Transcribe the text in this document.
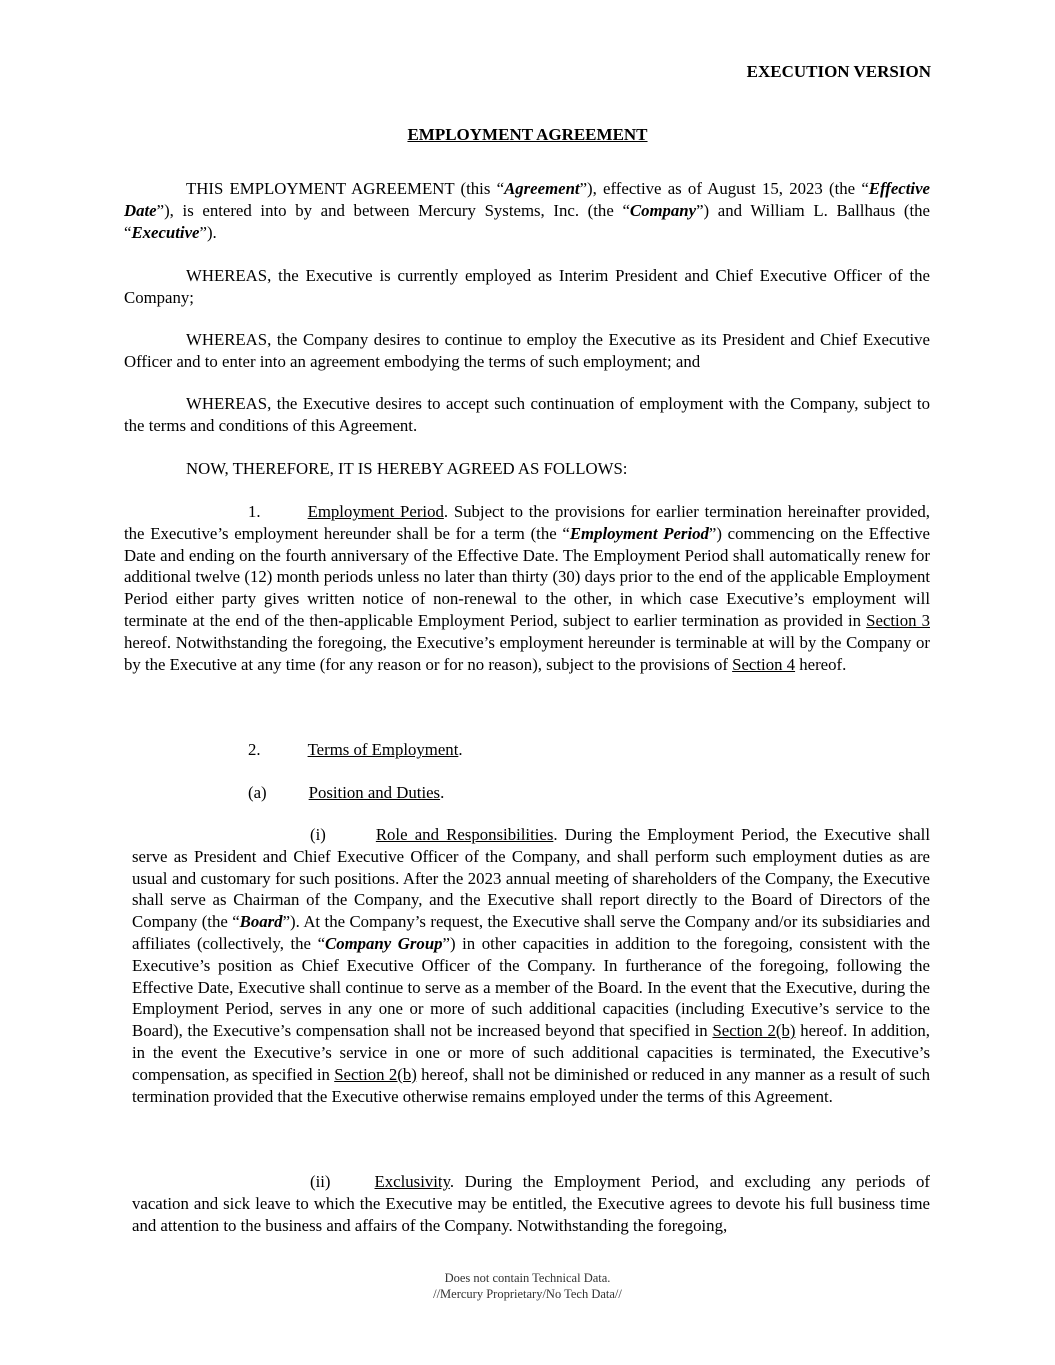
EXECUTION VERSION
EMPLOYMENT AGREEMENT

THIS EMPLOYMENT AGREEMENT (this “Agreement”), effective as of August 15, 2023 (the “Effective Date”), is entered into by and between Mercury Systems, Inc. (the “Company”) and William L. Ballhaus (the “Executive”).

WHEREAS, the Executive is currently employed as Interim President and Chief Executive Officer of the Company;

WHEREAS, the Company desires to continue to employ the Executive as its President and Chief Executive Officer and to enter into an agreement embodying the terms of such employment; and

WHEREAS, the Executive desires to accept such continuation of employment with the Company, subject to the terms and conditions of this Agreement.

NOW, THEREFORE, IT IS HEREBY AGREED AS FOLLOWS:

1.	Employment Period. Subject to the provisions for earlier termination hereinafter provided, the Executive’s employment hereunder shall be for a term (the “Employment Period”) commencing on the Effective Date and ending on the fourth anniversary of the Effective Date. The Employment Period shall automatically renew for additional twelve (12) month periods unless no later than thirty (30) days prior to the end of the applicable Employment Period either party gives written notice of non-renewal to the other, in which case Executive’s employment will terminate at the end of the then-applicable Employment Period, subject to earlier termination as provided in Section 3 hereof. Notwithstanding the foregoing, the Executive’s employment hereunder is terminable at will by the Company or by the Executive at any time (for any reason or for no reason), subject to the provisions of Section 4 hereof.

2.	Terms of Employment.

(a)	Position and Duties.

(i)	Role and Responsibilities. During the Employment Period, the Executive shall serve as President and Chief Executive Officer of the Company, and shall perform such employment duties as are usual and customary for such positions. After the 2023 annual meeting of shareholders of the Company, the Executive shall serve as Chairman of the Company, and the Executive shall report directly to the Board of Directors of the Company (the “Board”). At the Company’s request, the Executive shall serve the Company and/or its subsidiaries and affiliates (collectively, the “Company Group”) in other capacities in addition to the foregoing, consistent with the Executive’s position as Chief Executive Officer of the Company. In furtherance of the foregoing, following the Effective Date, Executive shall continue to serve as a member of the Board. In the event that the Executive, during the Employment Period, serves in any one or more of such additional capacities (including Executive’s service to the Board), the Executive’s compensation shall not be increased beyond that specified in Section 2(b) hereof. In addition, in the event the Executive’s service in one or more of such additional capacities is terminated, the Executive’s compensation, as specified in Section 2(b) hereof, shall not be diminished or reduced in any manner as a result of such termination provided that the Executive otherwise remains employed under the terms of this Agreement.

(ii)	Exclusivity. During the Employment Period, and excluding any periods of vacation and sick leave to which the Executive may be entitled, the Executive agrees to devote his full business time and attention to the business and affairs of the Company. Notwithstanding the foregoing,

Does not contain Technical Data.
//Mercury Proprietary/No Tech Data//
